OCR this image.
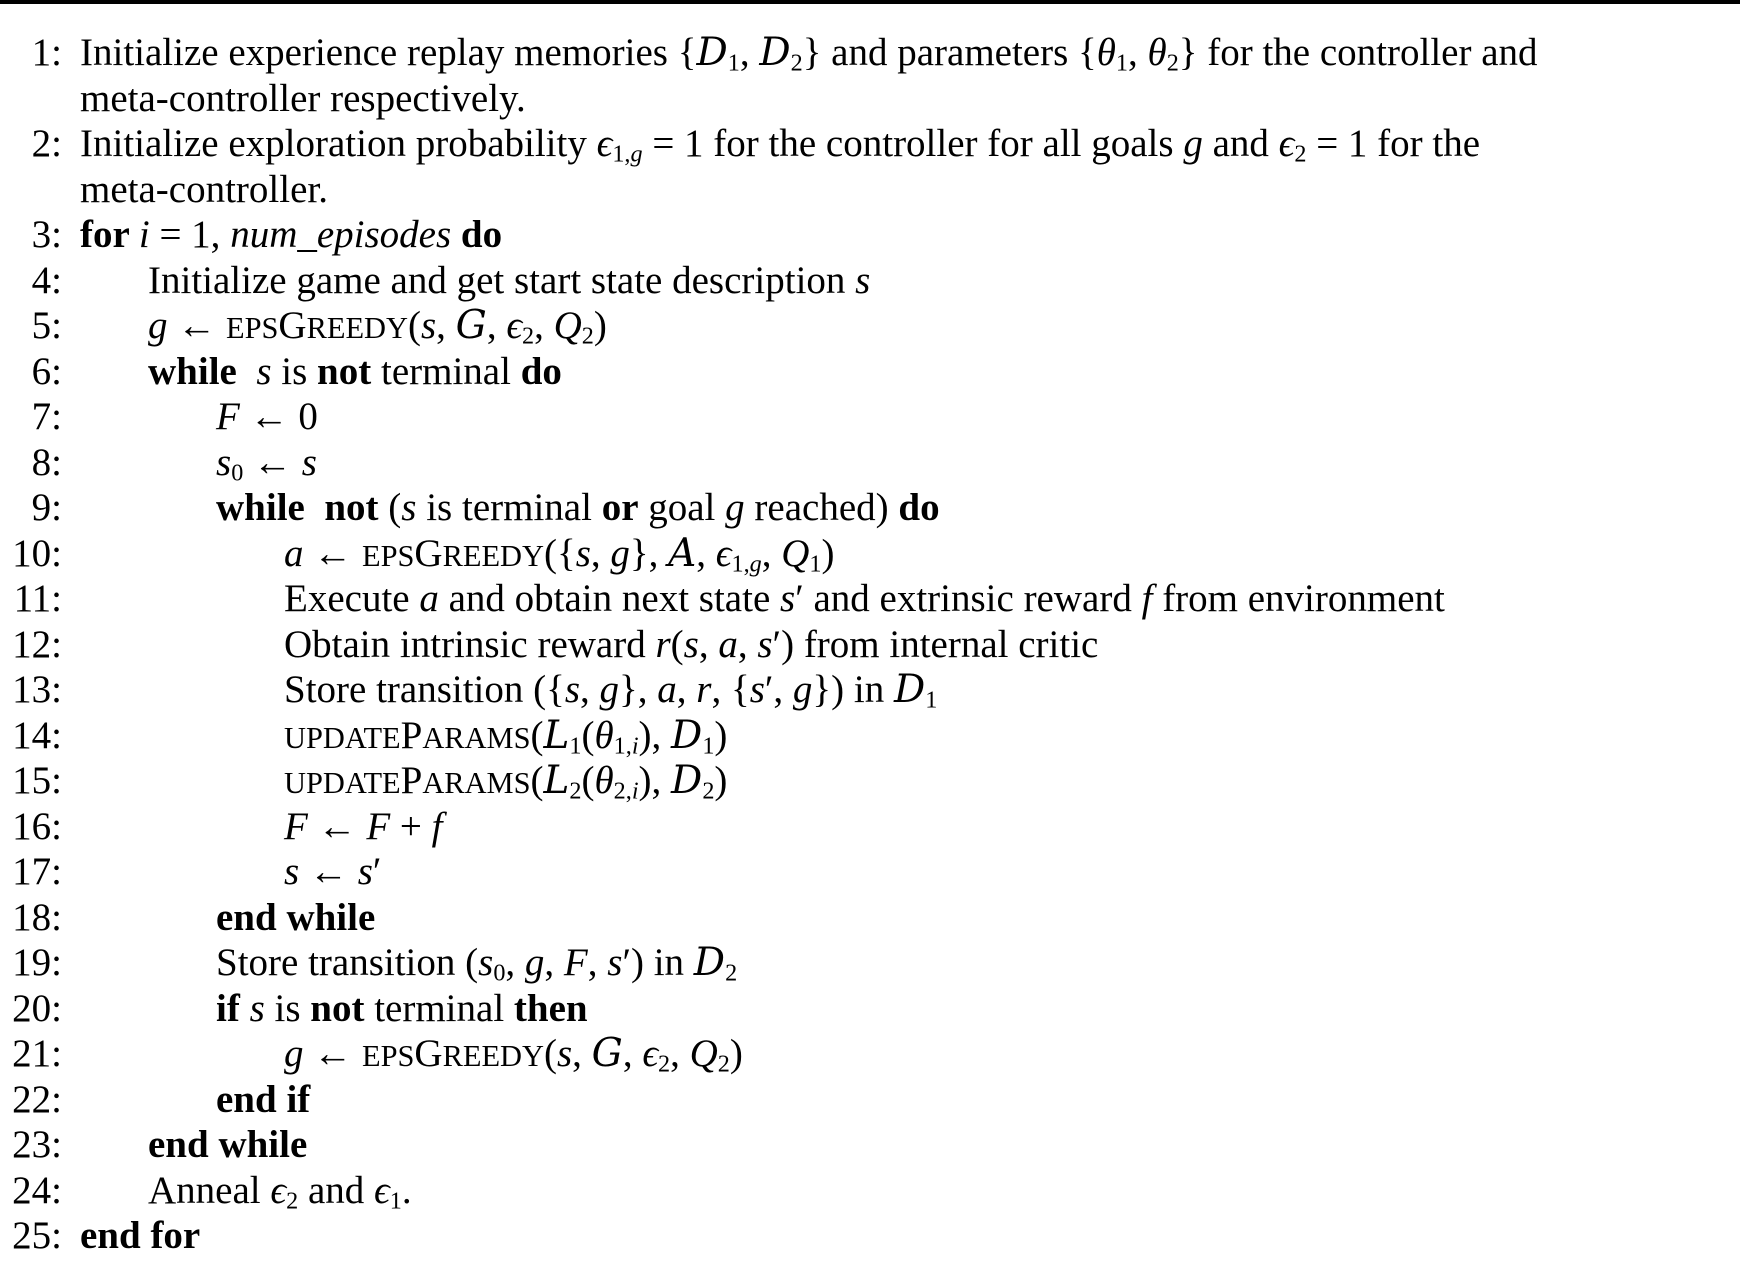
1: Initialize experience replay memories {$D_1$, $D_2$} and parameters {$\theta_1$, $\theta_2$} for the controller and
meta-controller respectively.
2: Initialize exploration probability $\epsilon_{1,g} = 1$ for the controller for all goals g and $\epsilon_2 = 1$ for the
meta-controller.
3: for i = 1, num_episodes do
4:	Initialize game and get start state description s
5:	g ← EPSGREEDY(s, G, $\epsilon_2$, $Q_2$)
6:	while s is not terminal do
7:	F ← 0
8:	$s_0$ ← s
9:	while not (s is terminal or goal g reached) do
10:	a ← EPSGREEDY({s, g}, A, $\epsilon_{1,g}$, $Q_1$)
11:	Execute a and obtain next state s′ and extrinsic reward f from environment
12:	Obtain intrinsic reward r(s, a, s′) from internal critic
13:	Store transition ({s, g}, a, r, {s′, g}) in $D_1$
14:	$UPDATEPARAMS(L_1(\theta_{1,i})$, $D_1$)
15:	$UPDATEPARAMS(L_2(\theta_{2,i})$, $D_2$)
16:	F ← F + f
17:	s ← s′
18:	end while
19:	Store transition ($s_0$, g, F, s′) in $D_2$
20:	if s is not terminal then
21:	g ← EPSGREEDY(s, G, $\epsilon_2$, $Q_2$)
22:	end if
23:	end while
24:	Anneal $\epsilon_2$ and $\epsilon_1$.
25: end for
